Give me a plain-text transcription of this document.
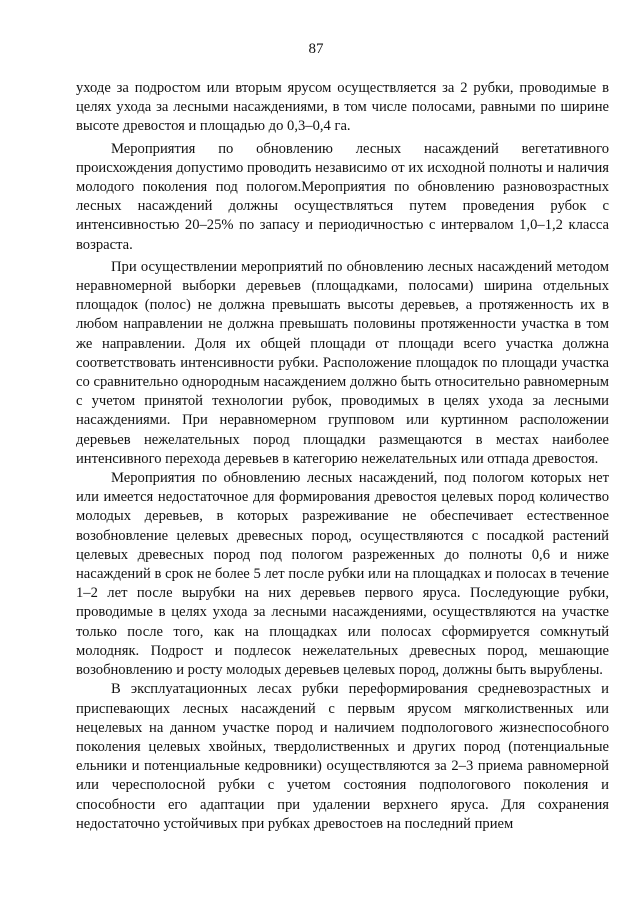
87

уходе за подростом или вторым ярусом осуществляется за 2 рубки, проводимые в целях ухода за лесными насаждениями, в том числе полосами, равными по ширине высоте древостоя и площадью до 0,3–0,4 га.

Мероприятия по обновлению лесных насаждений вегетативного происхождения допустимо проводить независимо от их исходной полноты и наличия молодого поколения под пологом.Мероприятия по обновлению разновозрастных лесных насаждений должны осуществляться путем проведения рубок с интенсивностью 20–25% по запасу и периодичностью с интервалом 1,0–1,2 класса возраста.

При осуществлении мероприятий по обновлению лесных насаждений методом неравномерной выборки деревьев (площадками, полосами) ширина отдельных площадок (полос) не должна превышать высоты деревьев, а протяженность их в любом направлении не должна превышать половины протяженности участка в том же направлении. Доля их общей площади от площади всего участка должна соответствовать интенсивности рубки. Расположение площадок по площади участка со сравнительно однородным насаждением должно быть относительно равномерным с учетом принятой технологии рубок, проводимых в целях ухода за лесными насаждениями. При неравномерном групповом или куртинном расположении деревьев нежелательных пород площадки размещаются в местах наиболее интенсивного перехода деревьев в категорию нежелательных или отпада древостоя.

Мероприятия по обновлению лесных насаждений, под пологом которых нет или имеется недостаточное для формирования древостоя целевых пород количество молодых деревьев, в которых разреживание не обеспечивает естественное возобновление целевых древесных пород, осуществляются с посадкой растений целевых древесных пород под пологом разреженных до полноты 0,6 и ниже насаждений в срок не более 5 лет после рубки или на площадках и полосах в течение 1–2 лет после вырубки на них деревьев первого яруса. Последующие рубки, проводимые в целях ухода за лесными насаждениями, осуществляются на участке только после того, как на площадках или полосах сформируется сомкнутый молодняк. Подрост и подлесок нежелательных древесных пород, мешающие возобновлению и росту молодых деревьев целевых пород, должны быть вырублены.

В эксплуатационных лесах рубки переформирования средневозрастных и приспевающих лесных насаждений с первым ярусом мягколиственных или нецелевых на данном участке пород и наличием подпологового жизнеспособного поколения целевых хвойных, твердолиственных и других пород (потенциальные ельники и потенциальные кедровники) осуществляются за 2–3 приема равномерной или чересполосной рубки с учетом состояния подпологового поколения и способности его адаптации при удалении верхнего яруса. Для сохранения недостаточно устойчивых при рубках древостоев на последний прием
